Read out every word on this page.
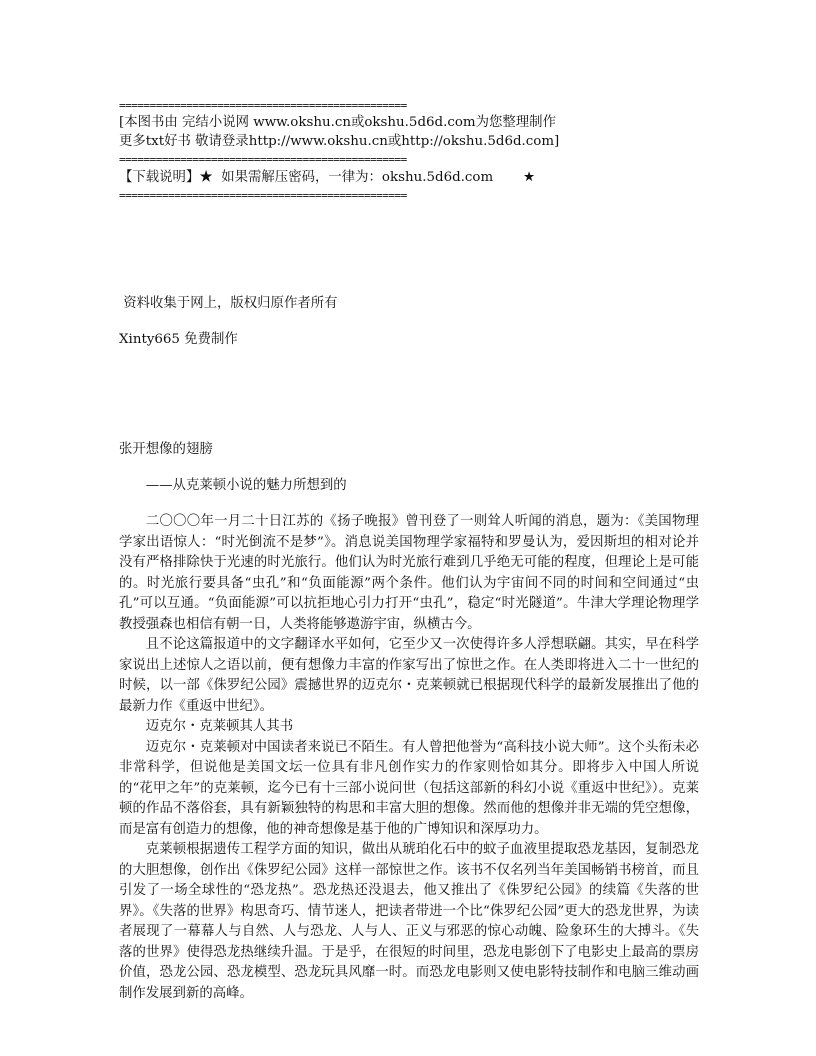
===============================================

[本图书由 完结小说网 www.okshu.cn或okshu.5d6d.com为您整理制作

更多txt好书 敬请登录http://www.okshu.cn或http://okshu.5d6d.com]

===============================================

【下载说明】★  如果需解压密码，一律为：okshu.5d6d.com       ★

===============================================

资料收集于网上，版权归原作者所有

Xinty665 免费制作

张开想像的翅膀

　　——从克莱顿小说的魅力所想到的

二〇〇〇年一月二十日江苏的《扬子晚报》曾刊登了一则耸人听闻的消息，题为：《美国物理学家出语惊人：“时光倒流不是梦”》。消息说美国物理学家福特和罗曼认为，爱因斯坦的相对论并没有严格排除快于光速的时光旅行。他们认为时光旅行难到几乎绝无可能的程度，但理论上是可能的。时光旅行要具备“虫孔”和“负面能源”两个条件。他们认为宇宙间不同的时间和空间通过“虫孔”可以互通。“负面能源”可以抗拒地心引力打开“虫孔”，稳定“时光隧道”。牛津大学理论物理学教授强森也相信有朝一日，人类将能够遨游宇宙，纵横古今。

且不论这篇报道中的文字翻译水平如何，它至少又一次使得许多人浮想联翩。其实，早在科学家说出上述惊人之语以前，便有想像力丰富的作家写出了惊世之作。在人类即将进入二十一世纪的时候，以一部《侏罗纪公园》震撼世界的迈克尔・克莱顿就已根据现代科学的最新发展推出了他的最新力作《重返中世纪》。

迈克尔・克莱顿其人其书

迈克尔・克莱顿对中国读者来说已不陌生。有人曾把他誉为“高科技小说大师”。这个头衔未必非常科学，但说他是美国文坛一位具有非凡创作实力的作家则恰如其分。即将步入中国人所说的“花甲之年”的克莱顿，迄今已有十三部小说问世（包括这部新的科幻小说《重返中世纪》）。克莱顿的作品不落俗套，具有新颖独特的构思和丰富大胆的想像。然而他的想像并非无端的凭空想像，而是富有创造力的想像，他的神奇想像是基于他的广博知识和深厚功力。

克莱顿根据遗传工程学方面的知识，做出从琥珀化石中的蚊子血液里提取恐龙基因，复制恐龙的大胆想像，创作出《侏罗纪公园》这样一部惊世之作。该书不仅名列当年美国畅销书榜首，而且引发了一场全球性的“恐龙热”。恐龙热还没退去，他又推出了《侏罗纪公园》的续篇《失落的世界》。《失落的世界》构思奇巧、情节迷人，把读者带进一个比“侏罗纪公园”更大的恐龙世界，为读者展现了一幕幕人与自然、人与恐龙、人与人、正义与邪恶的惊心动魄、险象环生的大搏斗。《失落的世界》使得恐龙热继续升温。于是乎，在很短的时间里，恐龙电影创下了电影史上最高的票房价值，恐龙公园、恐龙模型、恐龙玩具风靡一时。而恐龙电影则又使电影特技制作和电脑三维动画制作发展到新的高峰。
